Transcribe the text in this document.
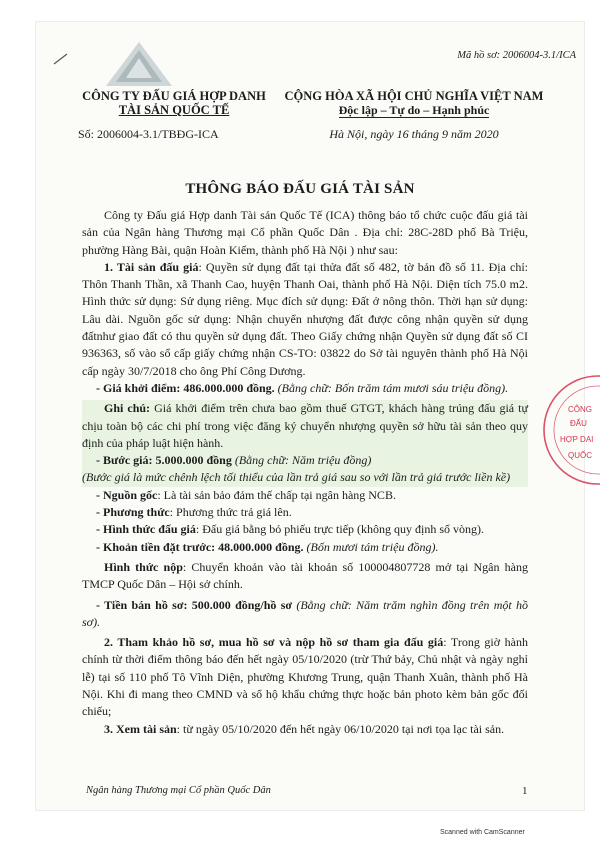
Mã hồ sơ: 2006004-3.1/ICA
CÔNG TY ĐẤU GIÁ HỢP DANH
TÀI SẢN QUỐC TẾ
Số: 2006004-3.1/TBĐG-ICA
CỘNG HÒA XÃ HỘI CHỦ NGHĨA VIỆT NAM
Độc lập – Tự do – Hạnh phúc
Hà Nội, ngày 16 tháng 9 năm 2020
THÔNG BÁO ĐẤU GIÁ TÀI SẢN

Công ty Đấu giá Hợp danh Tài sản Quốc Tế (ICA) thông báo tổ chức cuộc đấu giá tài sản của Ngân hàng Thương mại Cổ phần Quốc Dân . Địa chỉ: 28C-28D phố Bà Triệu, phường Hàng Bài, quận Hoàn Kiếm, thành phố Hà Nội ) như sau:

1. Tài sản đấu giá: Quyền sử dụng đất tại thửa đất số 482, tờ bản đồ số 11. Địa chỉ: Thôn Thanh Thần, xã Thanh Cao, huyện Thanh Oai, thành phố Hà Nội. Diện tích 75.0 m2. Hình thức sử dụng: Sử dụng riêng. Mục đích sử dụng: Đất ở nông thôn. Thời hạn sử dụng: Lâu dài. Nguồn gốc sử dụng: Nhận chuyển nhượng đất được công nhận quyền sử dụng đấtnhư giao đất có thu quyền sử dụng đất. Theo Giấy chứng nhận Quyền sử dụng đất số CI 936363, số vào sổ cấp giấy chứng nhận CS-TO: 03822 do Sở tài nguyên thành phố Hà Nội cấp ngày 30/7/2018 cho ông Phí Công Dương.

- Giá khởi điểm: 486.000.000 đồng. (Bằng chữ: Bốn trăm tám mươi sáu triệu đồng).

Ghi chú: Giá khởi điểm trên chưa bao gồm thuế GTGT, khách hàng trúng đấu giá tự chịu toàn bộ các chi phí trong việc đăng ký chuyển nhượng quyền sở hữu tài sản theo quy định của pháp luật hiện hành.

- Bước giá: 5.000.000 đồng (Bằng chữ: Năm triệu đồng)

(Bước giá là mức chênh lệch tối thiểu của lần trả giá sau so với lần trả giá trước liền kề)

- Nguồn gốc: Là tài sản bảo đảm thế chấp tại ngân hàng NCB.

- Phương thức: Phương thức trả giá lên.

- Hình thức đấu giá: Đấu giá bằng bỏ phiếu trực tiếp (không quy định số vòng).

- Khoản tiền đặt trước: 48.000.000 đồng. (Bốn mươi tám triệu đồng).

Hình thức nộp: Chuyển khoản vào tài khoản số 100004807728 mở tại Ngân hàng TMCP Quốc Dân – Hội sở chính.

- Tiền bán hồ sơ: 500.000 đồng/hồ sơ (Bằng chữ: Năm trăm nghìn đồng trên một hồ sơ).

2. Tham khảo hồ sơ, mua hồ sơ và nộp hồ sơ tham gia đấu giá: Trong giờ hành chính từ thời điểm thông báo đến hết ngày 05/10/2020 (trừ Thứ bảy, Chủ nhật và ngày nghỉ lễ) tại số 110 phố Tô Vĩnh Diện, phường Khương Trung, quận Thanh Xuân, thành phố Hà Nội. Khi đi mang theo CMND và sổ hộ khẩu chứng thực hoặc bản photo kèm bản gốc đối chiếu;

3. Xem tài sản: từ ngày 05/10/2020 đến hết ngày 06/10/2020 tại nơi tọa lạc tài sản.

CÔNG
ĐẤU
HỢP DAI
QUỐC
Ngân hàng Thương mại Cổ phần Quốc Dân	1
Scanned with CamScanner
